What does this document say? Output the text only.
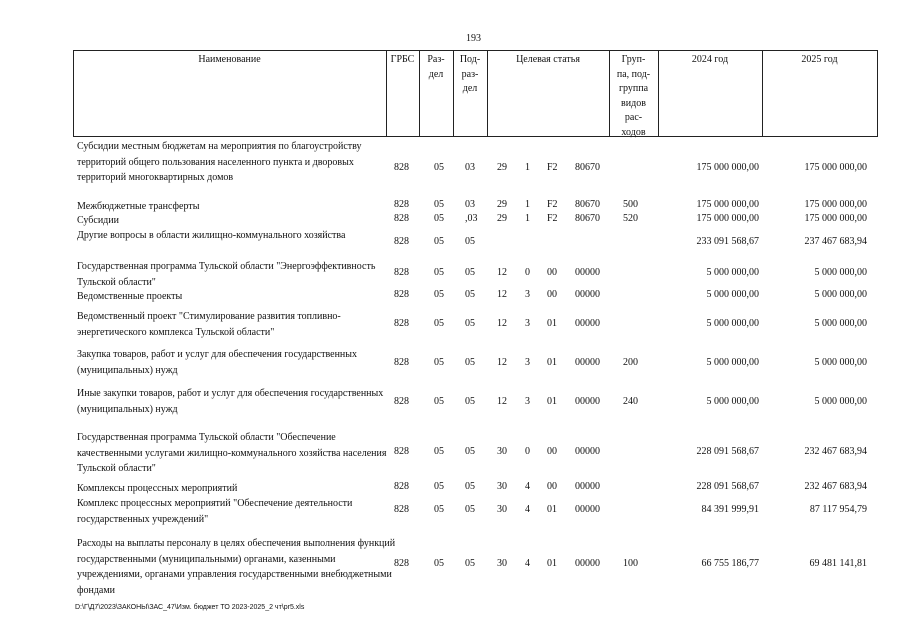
193
Наименование	ГРБС	Раз-
дел
Под-
раз-
дел
Целевая статья	Груп-
па, под-
группа
видов
рас-
ходов
2024 год	2025 год
Субсидии местным бюджетам на мероприятия по благоустройству территорий общего пользования населенного пункта и дворовых территорий многоквартирных домов
828	05	03	29	1	F2	80670	175 000 000,00	175 000 000,00
Межбюджетные трансферты	828	05	03	29	1	F2	80670	500	175 000 000,00	175 000 000,00
Субсидии	828	05	,03	29	1	F2	80670	520	175 000 000,00	175 000 000,00
Другие вопросы в области жилищно-коммунального хозяйства
828	05	05	233 091 568,67	237 467 683,94
Государственная программа Тульской области "Энергоэффективность Тульской области"
828	05	05	12	0	00	00000	5 000 000,00	5 000 000,00
Ведомственные проекты	828	05	05	12	3	00	00000	5 000 000,00	5 000 000,00
Ведомственный проект "Стимулирование развития топливно-энергетического комплекса Тульской области"
828	05	05	12	3	01	00000	5 000 000,00	5 000 000,00
Закупка товаров, работ и услуг для обеспечения государственных (муниципальных) нужд
828	05	05	12	3	01	00000	200	5 000 000,00	5 000 000,00
Иные закупки товаров, работ и услуг для обеспечения государственных (муниципальных) нужд
828	05	05	12	3	01	00000	240	5 000 000,00	5 000 000,00
Государственная программа Тульской области "Обеспечение качественными услугами жилищно-коммунального хозяйства населения Тульской области"
828	05	05	30	0	00	00000	228 091 568,67	232 467 683,94
Комплексы процессных мероприятий	828	05	05	30	4	00	00000	228 091 568,67	232 467 683,94
Комплекс процессных мероприятий "Обеспечение деятельности государственных учреждений"
828	05	05	30	4	01	00000	84 391 999,91	87 117 954,79
Расходы на выплаты персоналу в целях обеспечения выполнения функций государственными (муниципальными) органами, казенными учреждениями, органами управления государственными внебюджетными фондами
828	05	05	30	4	01	00000	100	66 755 186,77	69 481 141,81
D:\Г\Д7\2023\ЗАКОНЫ\ЗАС_47\Изм. бюджет ТО 2023-2025_2 чт\pr5.xls
